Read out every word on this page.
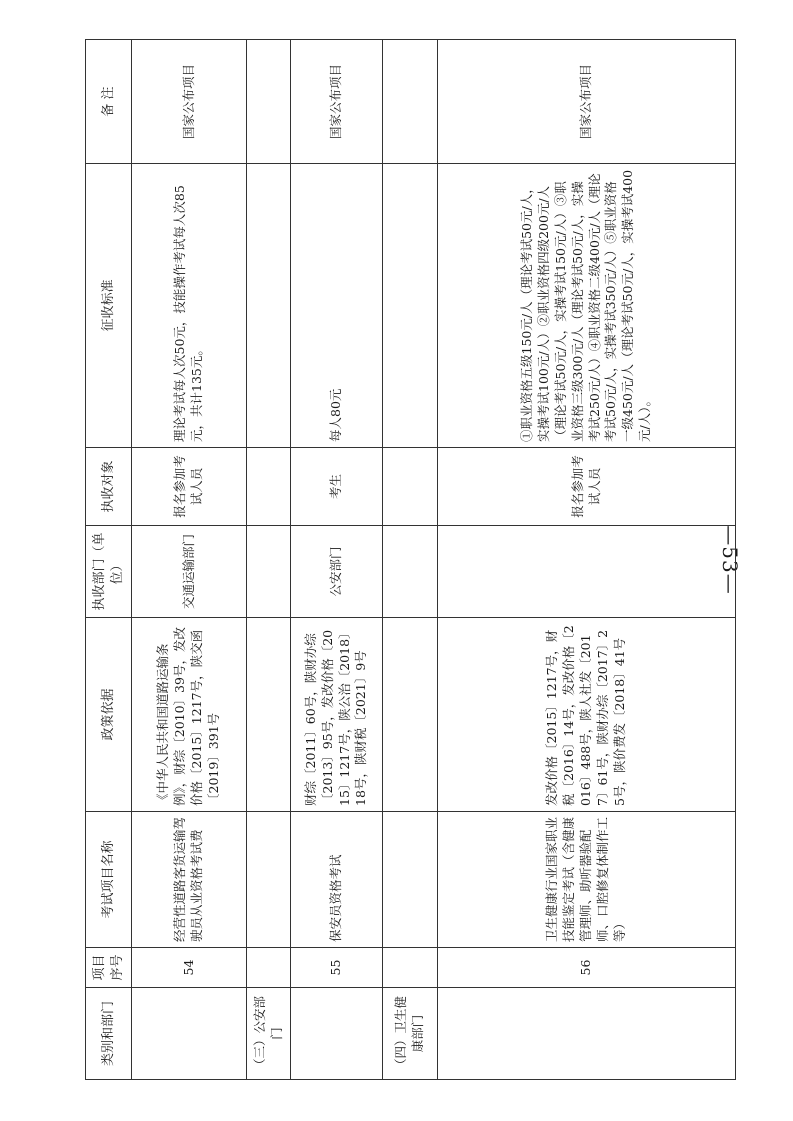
—53—
类别和部门	项目序号	考试项目名称	政策依据	执收部门（单位）	执收对象	征收标准	备 注
	54	经营性道路客货运输驾驶员从业资格考试费	《中华人民共和国道路运输条例》，财综〔2010〕39号，发改价格〔2015〕1217号，陕交函〔2019〕391号	交通运输部门	报名参加考试人员	理论考试每人次50元，技能操作考试每人次85元，共计135元。	国家公布项目
（三）公安部门							
	55	保安员资格考试	财综〔2011〕60号，陕财办综〔2013〕95号，发改价格〔2015〕1217号，陕公治〔2018〕18号，陕财税〔2021〕9号	公安部门	考生	每人80元	国家公布项目
（四）卫生健康部门							
	56	卫生健康行业国家职业技能鉴定考试（含健康管理师、助听器验配师、口腔修复体制作工等）	发改价格〔2015〕1217号，财税〔2016〕14号，发改价格〔2016〕488号，陕人社发〔2017〕61号，陕财办综〔2017〕25号，陕价费发〔2018〕41号		报名参加考试人员	①职业资格五级150元/人（理论考试50元/人，实操考试100元/人）②职业资格四级200元/人（理论考试50元/人，实操考试150元/人）③职业资格三级300元/人（理论考试50元/人，实操考试250元/人）④职业资格二级400元/人（理论考试50元/人，实操考试350元/人）⑤职业资格一级450元/人（理论考试50元/人，实操考试400元/人）。	国家公布项目
